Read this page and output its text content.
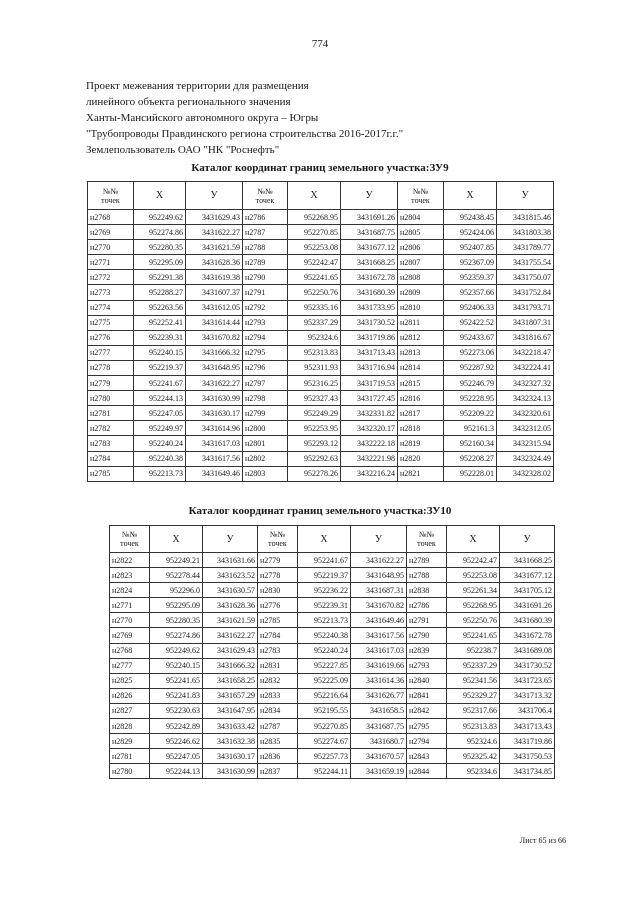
774
Проект межевания территории для размещения
линейного объекта регионального значения
Ханты-Мансийского автономного округа – Югры
"Трубопроводы Правдинского региона строительства 2016-2017г.г."
Землепользователь ОАО "НК "Роснефть"
Каталог координат границ земельного участка:ЗУ9
№№
точек	X	У	№№
точек	X	У	№№
точек	X	У
н2768	952249.62	3431629.43	н2786	952268.95	3431691.26	н2804	952438.45	3431815.46
н2769	952274.86	3431622.27	н2787	952270.85	3431687.75	н2805	952424.06	3431803.38
н2770	952280.35	3431621.59	н2788	952253.08	3431677.12	н2806	952407.85	3431789.77
н2771	952295.09	3431628.36	н2789	952242.47	3431668.25	н2807	952367.09	3431755.54
н2772	952291.38	3431619.38	н2790	952241.65	3431672.78	н2808	952359.37	3431750.07
н2773	952288.27	3431607.37	н2791	952250.76	3431680.39	н2809	952357.66	3431752.84
н2774	952263.56	3431612.05	н2792	952335.16	3431733.95	н2810	952406.33	3431793.71
н2775	952252.41	3431614.44	н2793	952337.29	3431730.52	н2811	952422.52	3431807.31
н2776	952239.31	3431670.82	н2794	952324.6	3431719.86	н2812	952433.67	3431816.67
н2777	952240.15	3431666.32	н2795	952313.83	3431713.43	н2813	952273.06	3432218.47
н2778	952219.37	3431648.95	н2796	952311.93	3431716.94	н2814	952287.92	3432224.41
н2779	952241.67	3431622.27	н2797	952316.25	3431719.53	н2815	952246.79	3432327.32
н2780	952244.13	3431630.99	н2798	952327.43	3431727.45	н2816	952228.95	3432324.13
н2781	952247.05	3431630.17	н2799	952249.29	3432331.82	н2817	952209.22	3432320.61
н2782	952249.97	3431614.96	н2800	952253.95	3432320.17	н2818	952161.3	3432312.05
н2783	952240.24	3431617.03	н2801	952293.12	3432222.18	н2819	952160.34	3432315.94
н2784	952240.38	3431617.56	н2802	952292.63	3432221.98	н2820	952208.27	3432324.49
н2785	952213.73	3431649.46	н2803	952278.26	3432216.24	н2821	952228.01	3432328.02
Каталог координат границ земельного участка:ЗУ10
№№
точек	X	У	№№
точек	X	У	№№
точек	X	У
н2822	952249.21	3431631.66	н2779	952241.67	3431622.27	н2789	952242.47	3431668.25
н2823	952278.44	3431623.52	н2778	952219.37	3431648.95	н2788	952253.08	3431677.12
н2824	952296.0	3431630.57	н2830	952236.22	3431687.31	н2838	952261.34	3431705.12
н2771	952295.09	3431628.36	н2776	952239.31	3431670.82	н2786	952268.95	3431691.26
н2770	952280.35	3431621.59	н2785	952213.73	3431649.46	н2791	952250.76	3431680.39
н2769	952274.86	3431622.27	н2784	952240.38	3431617.56	н2790	952241.65	3431672.78
н2768	952249.62	3431629.43	н2783	952240.24	3431617.03	н2839	952238.7	3431689.08
н2777	952240.15	3431666.32	н2831	952227.85	3431619.66	н2793	952337.29	3431730.52
н2825	952241.65	3431658.25	н2832	952225.09	3431614.36	н2840	952341.56	3431723.65
н2826	952241.83	3431657.29	н2833	952216.64	3431626.77	н2841	952329.27	3431713.32
н2827	952230.63	3431647.95	н2834	952195.55	3431658.5	н2842	952317.66	3431706.4
н2828	952242.89	3431633.42	н2787	952270.85	3431687.75	н2795	952313.83	3431713.43
н2829	952246.62	3431632.38	н2835	952274.67	3431680.7	н2794	952324.6	3431719.86
н2781	952247.05	3431630.17	н2836	952257.73	3431670.57	н2843	952325.42	3431750.53
н2780	952244.13	3431630.99	н2837	952244.11	3431659.19	н2844	952334.6	3431734.85
Лист 65 из 66
